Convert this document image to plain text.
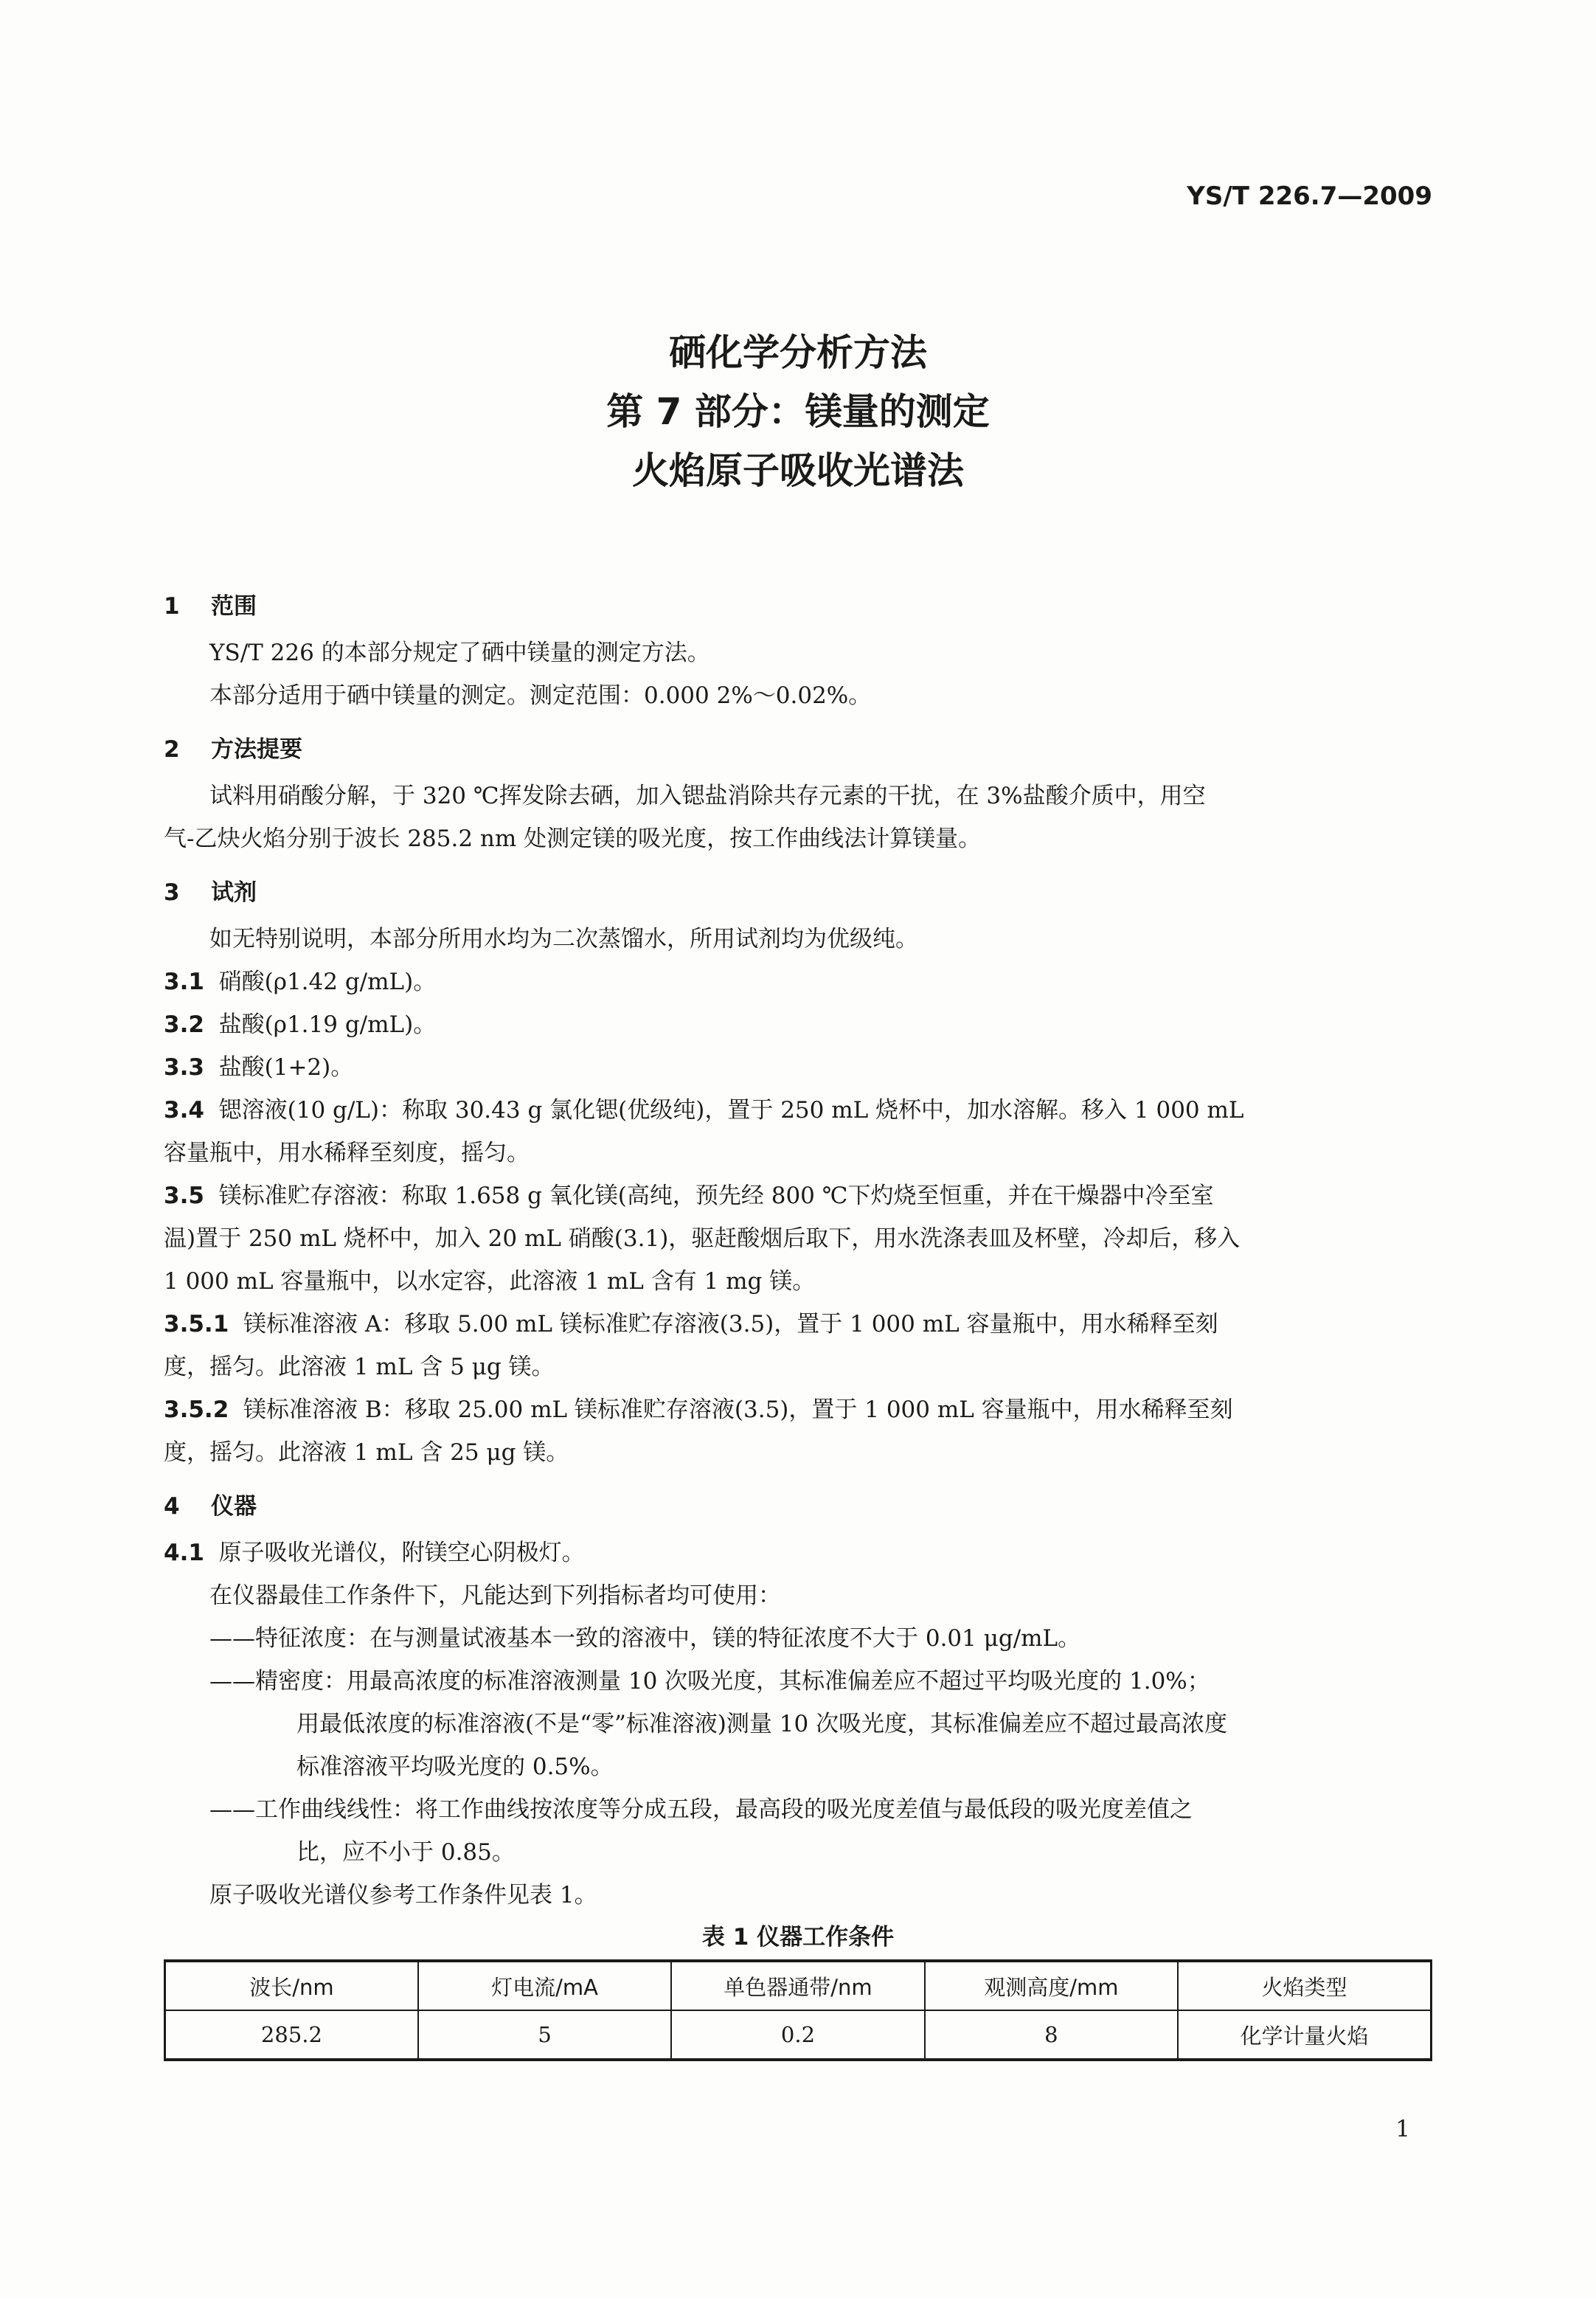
YS/T 226.7—2009
硒化学分析方法
第 7 部分：镁量的测定
火焰原子吸收光谱法
1 范围
YS/T 226 的本部分规定了硒中镁量的测定方法。
本部分适用于硒中镁量的测定。测定范围：0.000 2%～0.02%。
2 方法提要
试料用硝酸分解，于 320 ℃挥发除去硒，加入锶盐消除共存元素的干扰，在 3%盐酸介质中，用空
气-乙炔火焰分别于波长 285.2 nm 处测定镁的吸光度，按工作曲线法计算镁量。
3 试剂
如无特别说明，本部分所用水均为二次蒸馏水，所用试剂均为优级纯。
3.1 硝酸(ρ1.42 g/mL)。
3.2 盐酸(ρ1.19 g/mL)。
3.3 盐酸(1+2)。
3.4 锶溶液(10 g/L)：称取 30.43 g 氯化锶(优级纯)，置于 250 mL 烧杯中，加水溶解。移入 1 000 mL
容量瓶中，用水稀释至刻度，摇匀。
3.5 镁标准贮存溶液：称取 1.658 g 氧化镁(高纯，预先经 800 ℃下灼烧至恒重，并在干燥器中冷至室
温)置于 250 mL 烧杯中，加入 20 mL 硝酸(3.1)，驱赶酸烟后取下，用水洗涤表皿及杯壁，冷却后，移入
1 000 mL 容量瓶中，以水定容，此溶液 1 mL 含有 1 mg 镁。
3.5.1 镁标准溶液 A：移取 5.00 mL 镁标准贮存溶液(3.5)，置于 1 000 mL 容量瓶中，用水稀释至刻
度，摇匀。此溶液 1 mL 含 5 μg 镁。
3.5.2 镁标准溶液 B：移取 25.00 mL 镁标准贮存溶液(3.5)，置于 1 000 mL 容量瓶中，用水稀释至刻
度，摇匀。此溶液 1 mL 含 25 μg 镁。
4 仪器
4.1 原子吸收光谱仪，附镁空心阴极灯。
在仪器最佳工作条件下，凡能达到下列指标者均可使用：
——特征浓度：在与测量试液基本一致的溶液中，镁的特征浓度不大于 0.01 μg/mL。
——精密度：用最高浓度的标准溶液测量 10 次吸光度，其标准偏差应不超过平均吸光度的 1.0%；
用最低浓度的标准溶液(不是“零”标准溶液)测量 10 次吸光度，其标准偏差应不超过最高浓度
标准溶液平均吸光度的 0.5%。
——工作曲线线性：将工作曲线按浓度等分成五段，最高段的吸光度差值与最低段的吸光度差值之
比，应不小于 0.85。
原子吸收光谱仪参考工作条件见表 1。
表 1 仪器工作条件
波长/nm	灯电流/mA	单色器通带/nm	观测高度/mm	火焰类型
285.2	5	0.2	8	化学计量火焰
1
